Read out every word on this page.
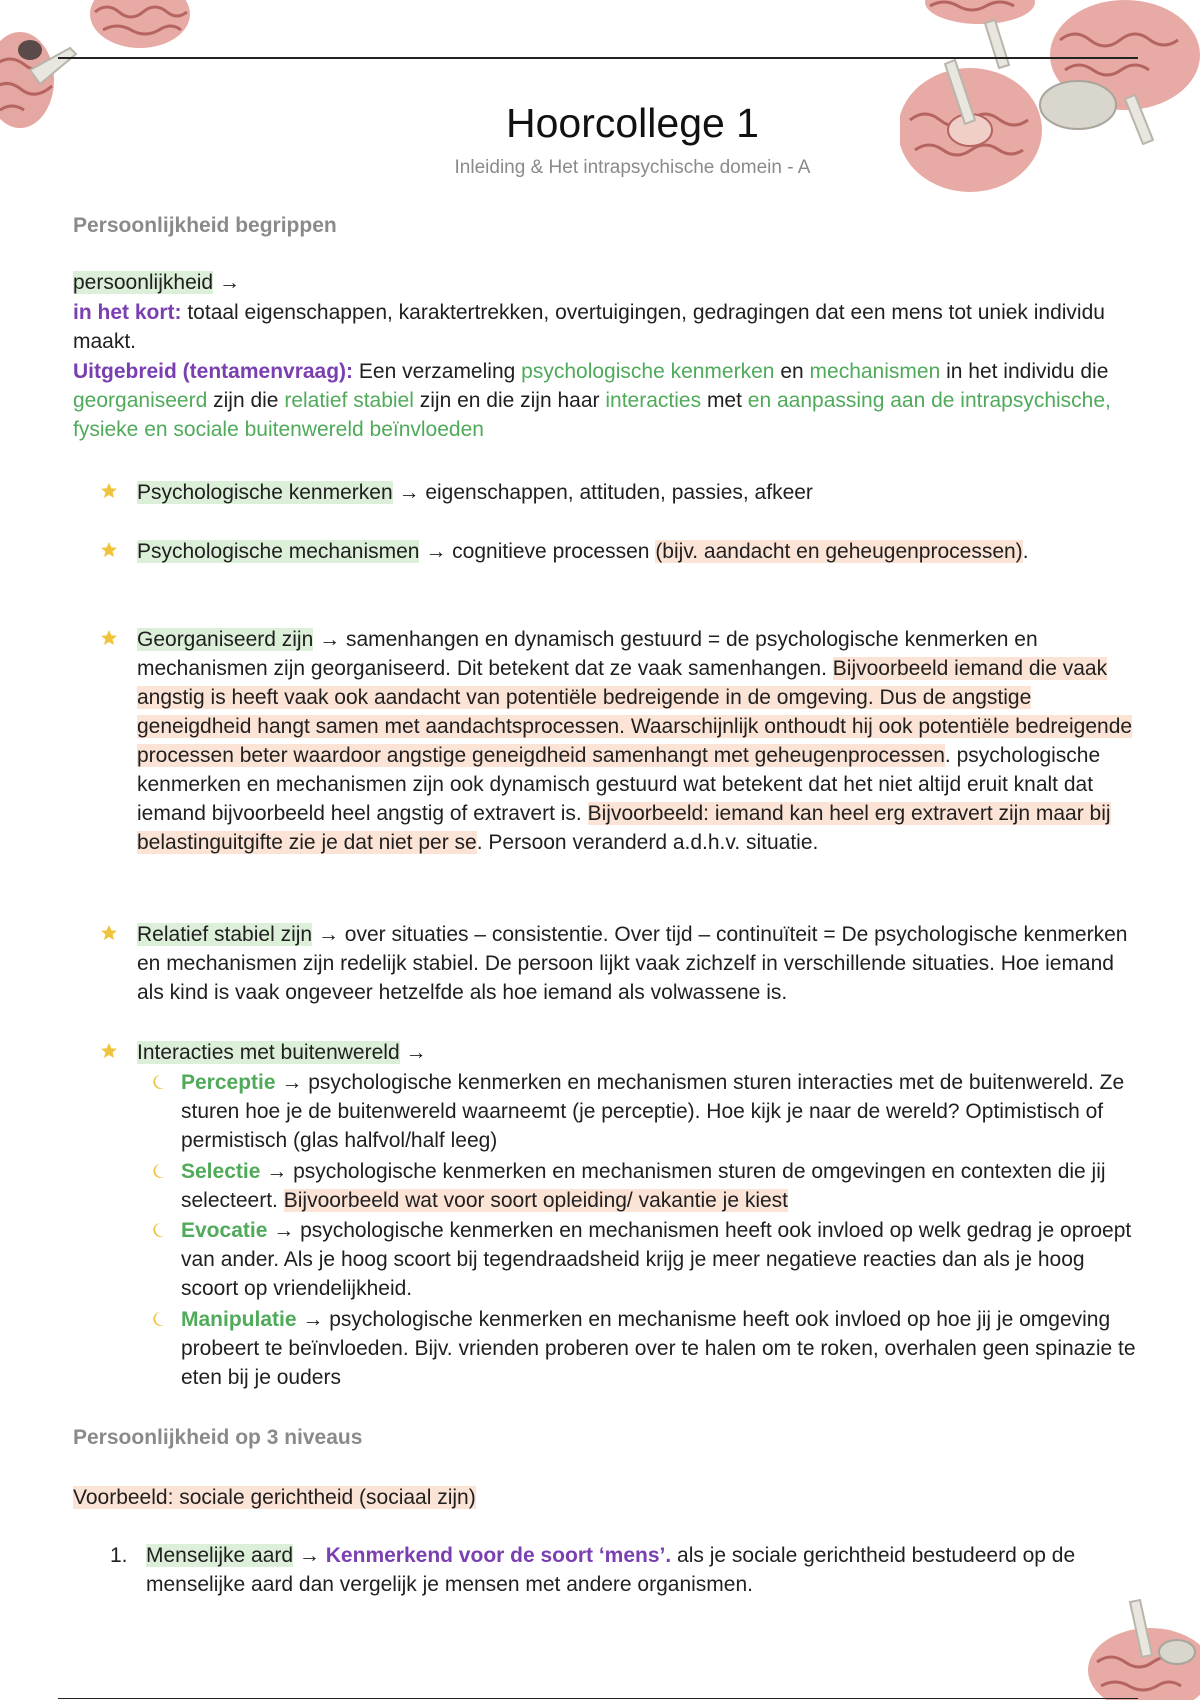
Hoorcollege 1
Inleiding & Het intrapsychische domein - A
Persoonlijkheid begrippen
persoonlijkheid →
in het kort: totaal eigenschappen, karaktertrekken, overtuigingen, gedragingen dat een mens tot uniek individu maakt.
Uitgebreid (tentamenvraag): Een verzameling psychologische kenmerken en mechanismen in het individu die georganiseerd zijn die relatief stabiel zijn en die zijn haar interacties met en aanpassing aan de intrapsychische, fysieke en sociale buitenwereld beïnvloeden
Psychologische kenmerken → eigenschappen, attituden, passies, afkeer
Psychologische mechanismen → cognitieve processen (bijv. aandacht en geheugenprocessen).
Georganiseerd zijn → samenhangen en dynamisch gestuurd = de psychologische kenmerken en mechanismen zijn georganiseerd. Dit betekent dat ze vaak samenhangen. Bijvoorbeeld iemand die vaak angstig is heeft vaak ook aandacht van potentiële bedreigende in de omgeving. Dus de angstige geneigdheid hangt samen met aandachtsprocessen. Waarschijnlijk onthoudt hij ook potentiële bedreigende processen beter waardoor angstige geneigdheid samenhangt met geheugenprocessen. psychologische kenmerken en mechanismen zijn ook dynamisch gestuurd wat betekent dat het niet altijd eruit knalt dat iemand bijvoorbeeld heel angstig of extravert is. Bijvoorbeeld: iemand kan heel erg extravert zijn maar bij belastinguitgifte zie je dat niet per se. Persoon veranderd a.d.h.v. situatie.
Relatief stabiel zijn → over situaties – consistentie. Over tijd – continuïteit = De psychologische kenmerken en mechanismen zijn redelijk stabiel. De persoon lijkt vaak zichzelf in verschillende situaties. Hoe iemand als kind is vaak ongeveer hetzelfde als hoe iemand als volwassene is.
Interacties met buitenwereld →
Perceptie → psychologische kenmerken en mechanismen sturen interacties met de buitenwereld. Ze sturen hoe je de buitenwereld waarneemt (je perceptie). Hoe kijk je naar de wereld? Optimistisch of permistisch (glas halfvol/half leeg)
Selectie → psychologische kenmerken en mechanismen sturen de omgevingen en contexten die jij selecteert. Bijvoorbeeld wat voor soort opleiding/ vakantie je kiest
Evocatie → psychologische kenmerken en mechanismen heeft ook invloed op welk gedrag je oproept van ander. Als je hoog scoort bij tegendraadsheid krijg je meer negatieve reacties dan als je hoog scoort op vriendelijkheid.
Manipulatie → psychologische kenmerken en mechanisme heeft ook invloed op hoe jij je omgeving probeert te beïnvloeden. Bijv. vrienden proberen over te halen om te roken, overhalen geen spinazie te eten bij je ouders
Persoonlijkheid op 3 niveaus
Voorbeeld: sociale gerichtheid (sociaal zijn)
1. Menselijke aard → Kenmerkend voor de soort ‘mens’. als je sociale gerichtheid bestudeerd op de menselijke aard dan vergelijk je mensen met andere organismen.
